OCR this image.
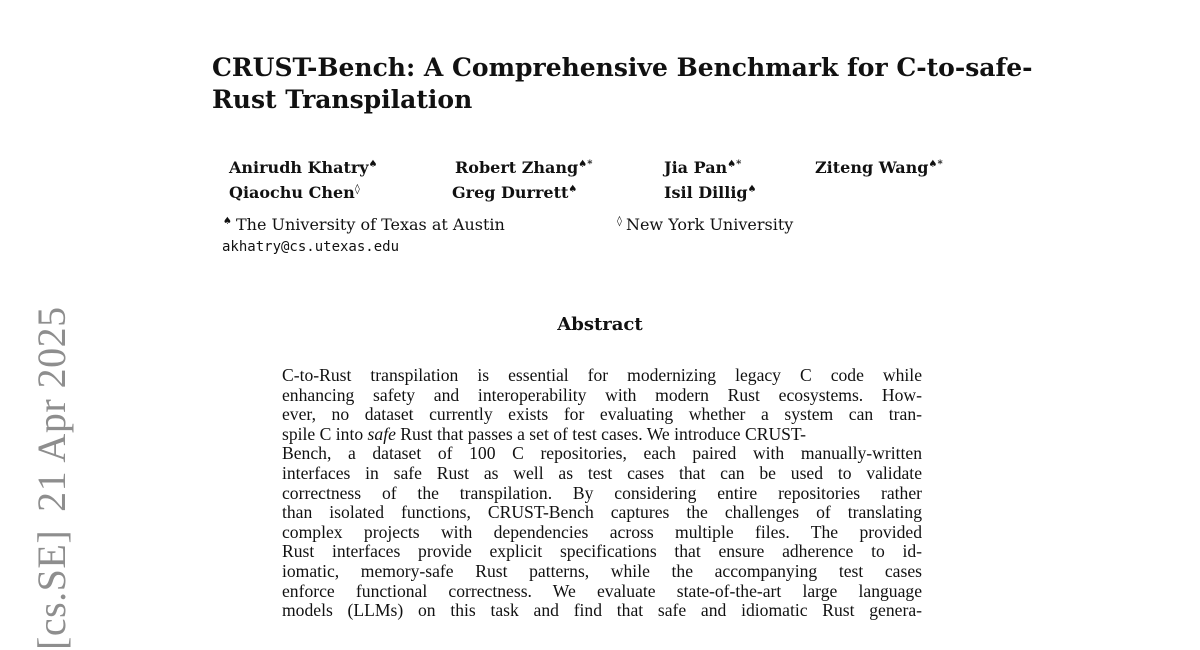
[cs.SE]21 Apr 2025
CRUST-Bench: A Comprehensive Benchmark for C-to-safe-
Rust Transpilation
Anirudh Khatry♠	Robert Zhang♠*	Jia Pan♠*	Ziteng Wang♠*
Qiaochu Chen◊	Greg Durrett♠	Isil Dillig♠
♠ The University of Texas at Austin	◊ New York University
akhatry@cs.utexas.edu
Abstract
C-to-Rust transpilation is essential for modernizing legacy C code while
enhancing safety and interoperability with modern Rust ecosystems. How-
ever, no dataset currently exists for evaluating whether a system can tran-
spile C into safe Rust that passes a set of test cases. We introduce CRUST-
Bench, a dataset of 100 C repositories, each paired with manually-written
interfaces in safe Rust as well as test cases that can be used to validate
correctness of the transpilation. By considering entire repositories rather
than isolated functions, CRUST-Bench captures the challenges of translating
complex projects with dependencies across multiple files. The provided
Rust interfaces provide explicit specifications that ensure adherence to id-
iomatic, memory-safe Rust patterns, while the accompanying test cases
enforce functional correctness. We evaluate state-of-the-art large language
models (LLMs) on this task and find that safe and idiomatic Rust genera-
